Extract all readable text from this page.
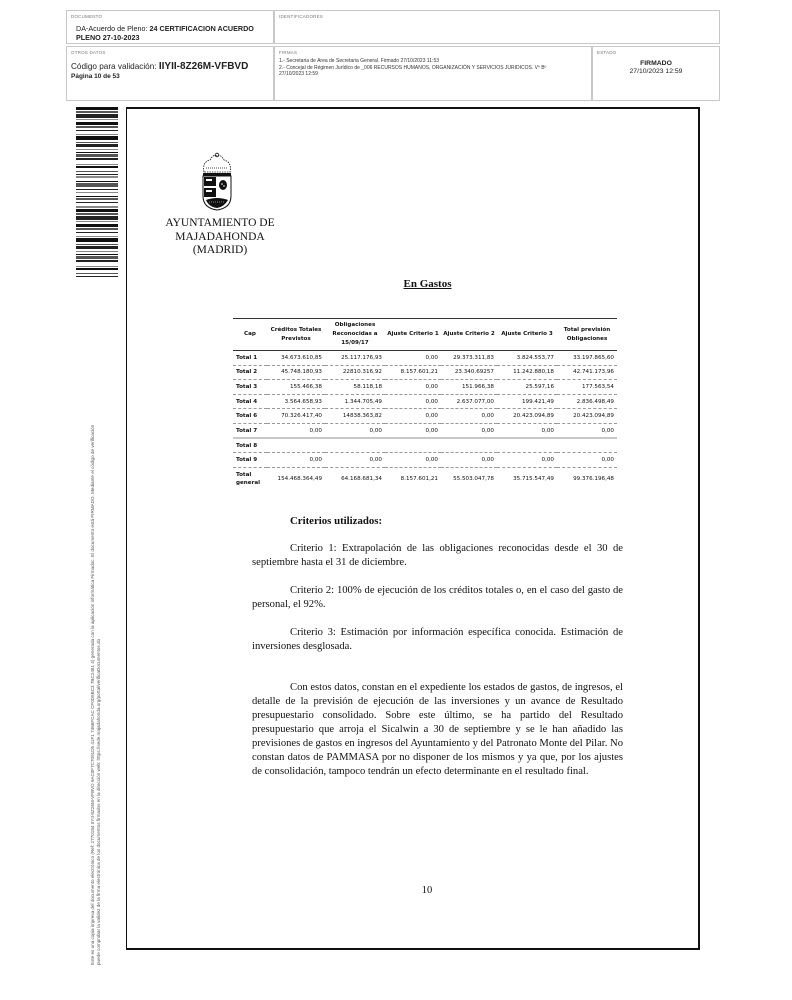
DOCUMENTO
DA-Acuerdo de Pleno: 24 CERTIFICACION ACUERDO PLENO 27-10-2023
IDENTIFICADORES
OTROS DATOS
Código para validación: IIYII-8Z26M-VFBVD
Página 10 de 53
FIRMAS
1.- Secretaria de Area de Secretaria General. Firmado 27/10/2023 11:53
2.- Concejal de Régimen Jurídico de _006 RECURSOS HUMANOS, ORGANIZACIÓN Y SERVICIOS JURIDICOS. Vº Bº
27/10/2023 12:59
ESTADO
FIRMADO
27/10/2023 12:59
Este es una copia impresa del documento electrónico (Ref: 2770184 IIYII-8Z26M-VFBVD 9AC0F7C7091D5 41F1 7466FCAC CF0D5BC3 7BC2481 4) generada con la aplicación informática Firmadoc. El documento está FIRMADO. Mediante el código de verificación puede comprobar la validez de la firma electrónica de los documentos firmados en la dirección web: https://sede.majadahonda.org/portal/verificaDocumentos.do
AYUNTAMIENTO DE
MAJADAHONDA
(MADRID)
En Gastos
Cap	Créditos Totales Previstos	Obligaciones Reconocidas a 15/09/17	Ajuste Criterio 1	Ajuste Criterio 2	Ajuste Criterio 3	Total previsión Obligaciones
Total 1	34.673.610,85	25.117.176,93	0,00	29.373.311,83	3.824.553,77	33.197.865,60
Total 2	45.748.180,93	22810.316,92	8.157.601,21	23.340.69257	11.242.880,18	42.741.173,96
Total 3	155.466,38	58.118,18	0,00	151.966,38	25.597,16	177.563,54
Total 4	3.564.658,93	1.344.705,49	0,00	2.637.077,00	199.421,49	2.836.498,49
Total 6	70.326.417,40	14838.363,82	0,00	0,00	20.423.094,89	20.423.094,89
Total 7	0,00	0,00	0,00	0,00	0,00	0,00
Total 8						
Total 9	0,00	0,00	0,00	0,00	0,00	0,00
Total general	154.468.364,49	64.168.681,34	8.157.601,21	55.503.047,78	35.715.547,49	99.376.196,48
Criterios utilizados:

Criterio 1: Extrapolación de las obligaciones reconocidas desde el 30 de septiembre hasta el 31 de diciembre.

Criterio 2: 100% de ejecución de los créditos totales o, en el caso del gasto de personal, el 92%.

Criterio 3: Estimación por información específica conocida. Estimación de inversiones desglosada.

Con estos datos, constan en el expediente los estados de gastos, de ingresos, el detalle de la previsión de ejecución de las inversiones y un avance de Resultado presupuestario consolidado. Sobre este último, se ha partido del Resultado presupuestario que arroja el Sicalwin a 30 de septiembre y se le han añadido las previsiones de gastos en ingresos del Ayuntamiento y del Patronato Monte del Pilar. No constan datos de PAMMASA por no disponer de los mismos y ya que, por los ajustes de consolidación, tampoco tendrán un efecto determinante en el resultado final.

10
